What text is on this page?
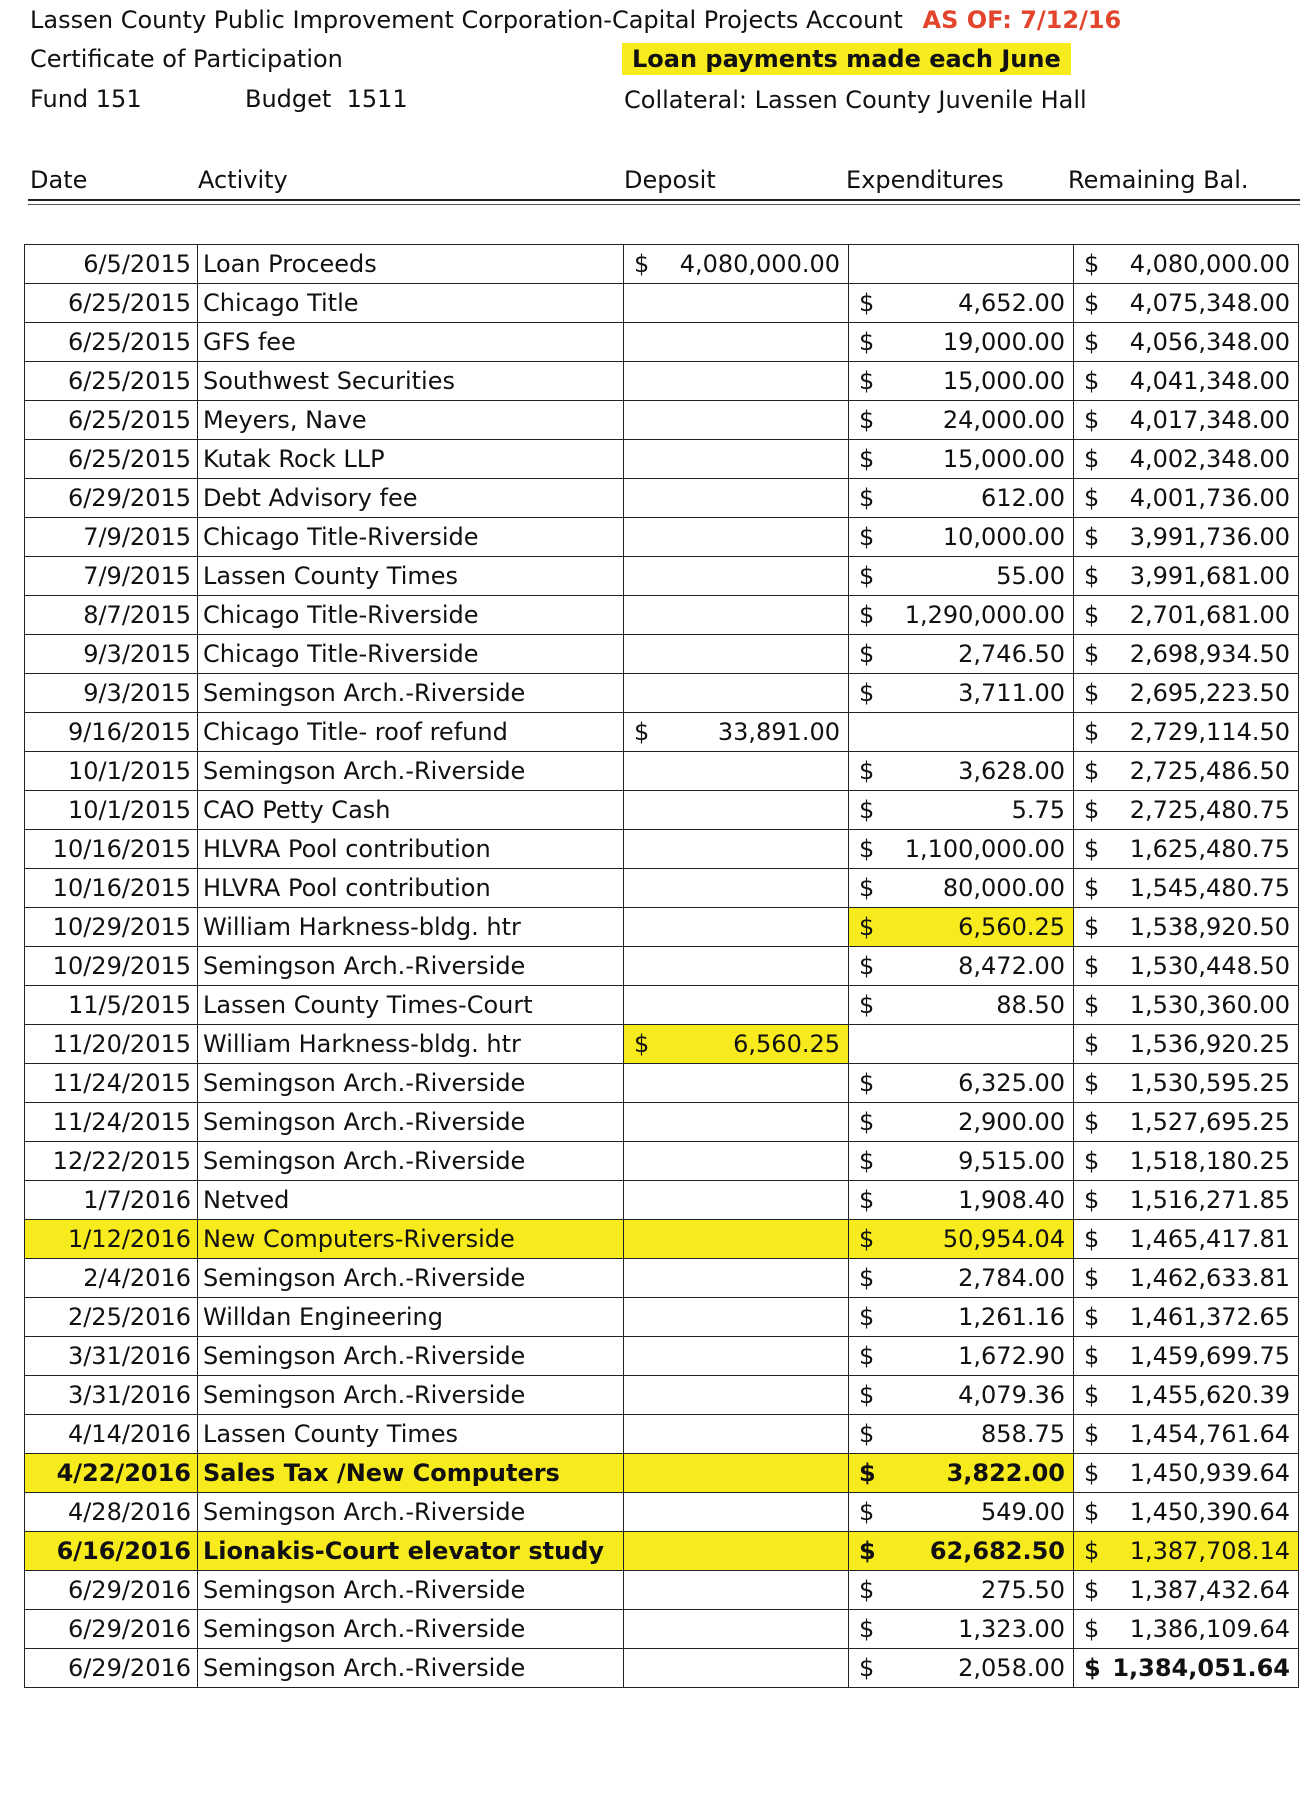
Lassen County Public Improvement Corporation-Capital Projects Account AS OF: 7/12/16
Certificate of Participation	Loan payments made each June
Fund 151	Budget  1511	Collateral: Lassen County Juvenile Hall
Date	Activity	Deposit	Expenditures	Remaining Bal.
6/5/2015	Loan Proceeds	$ 4,080,000.00		$ 4,080,000.00

6/25/2015	Chicago Title		$ 4,652.00	$ 4,075,348.00

6/25/2015	GFS fee		$ 19,000.00	$ 4,056,348.00

6/25/2015	Southwest Securities		$ 15,000.00	$ 4,041,348.00

6/25/2015	Meyers, Nave		$ 24,000.00	$ 4,017,348.00

6/25/2015	Kutak Rock LLP		$ 15,000.00	$ 4,002,348.00

6/29/2015	Debt Advisory fee		$ 612.00	$ 4,001,736.00

7/9/2015	Chicago Title-Riverside		$ 10,000.00	$ 3,991,736.00

7/9/2015	Lassen County Times		$ 55.00	$ 3,991,681.00

8/7/2015	Chicago Title-Riverside		$ 1,290,000.00	$ 2,701,681.00

9/3/2015	Chicago Title-Riverside		$ 2,746.50	$ 2,698,934.50

9/3/2015	Semingson Arch.-Riverside		$ 3,711.00	$ 2,695,223.50

9/16/2015	Chicago Title- roof refund	$ 33,891.00		$ 2,729,114.50

10/1/2015	Semingson Arch.-Riverside		$ 3,628.00	$ 2,725,486.50

10/1/2015	CAO Petty Cash		$ 5.75	$ 2,725,480.75

10/16/2015	HLVRA Pool contribution		$ 1,100,000.00	$ 1,625,480.75

10/16/2015	HLVRA Pool contribution		$ 80,000.00	$ 1,545,480.75

10/29/2015	William Harkness-bldg. htr		$ 6,560.25	$ 1,538,920.50

10/29/2015	Semingson Arch.-Riverside		$ 8,472.00	$ 1,530,448.50

11/5/2015	Lassen County Times-Court		$ 88.50	$ 1,530,360.00

11/20/2015	William Harkness-bldg. htr	$ 6,560.25		$ 1,536,920.25

11/24/2015	Semingson Arch.-Riverside		$ 6,325.00	$ 1,530,595.25

11/24/2015	Semingson Arch.-Riverside		$ 2,900.00	$ 1,527,695.25

12/22/2015	Semingson Arch.-Riverside		$ 9,515.00	$ 1,518,180.25

1/7/2016	Netved		$ 1,908.40	$ 1,516,271.85

1/12/2016	New Computers-Riverside		$ 50,954.04	$ 1,465,417.81

2/4/2016	Semingson Arch.-Riverside		$ 2,784.00	$ 1,462,633.81

2/25/2016	Willdan Engineering		$ 1,261.16	$ 1,461,372.65

3/31/2016	Semingson Arch.-Riverside		$ 1,672.90	$ 1,459,699.75

3/31/2016	Semingson Arch.-Riverside		$ 4,079.36	$ 1,455,620.39

4/14/2016	Lassen County Times		$ 858.75	$ 1,454,761.64

4/22/2016	Sales Tax /New Computers		$ 3,822.00	$ 1,450,939.64

4/28/2016	Semingson Arch.-Riverside		$ 549.00	$ 1,450,390.64

6/16/2016	Lionakis-Court elevator study		$ 62,682.50	$ 1,387,708.14

6/29/2016	Semingson Arch.-Riverside		$ 275.50	$ 1,387,432.64

6/29/2016	Semingson Arch.-Riverside		$ 1,323.00	$ 1,386,109.64

6/29/2016	Semingson Arch.-Riverside		$ 2,058.00	$ 1,384,051.64
